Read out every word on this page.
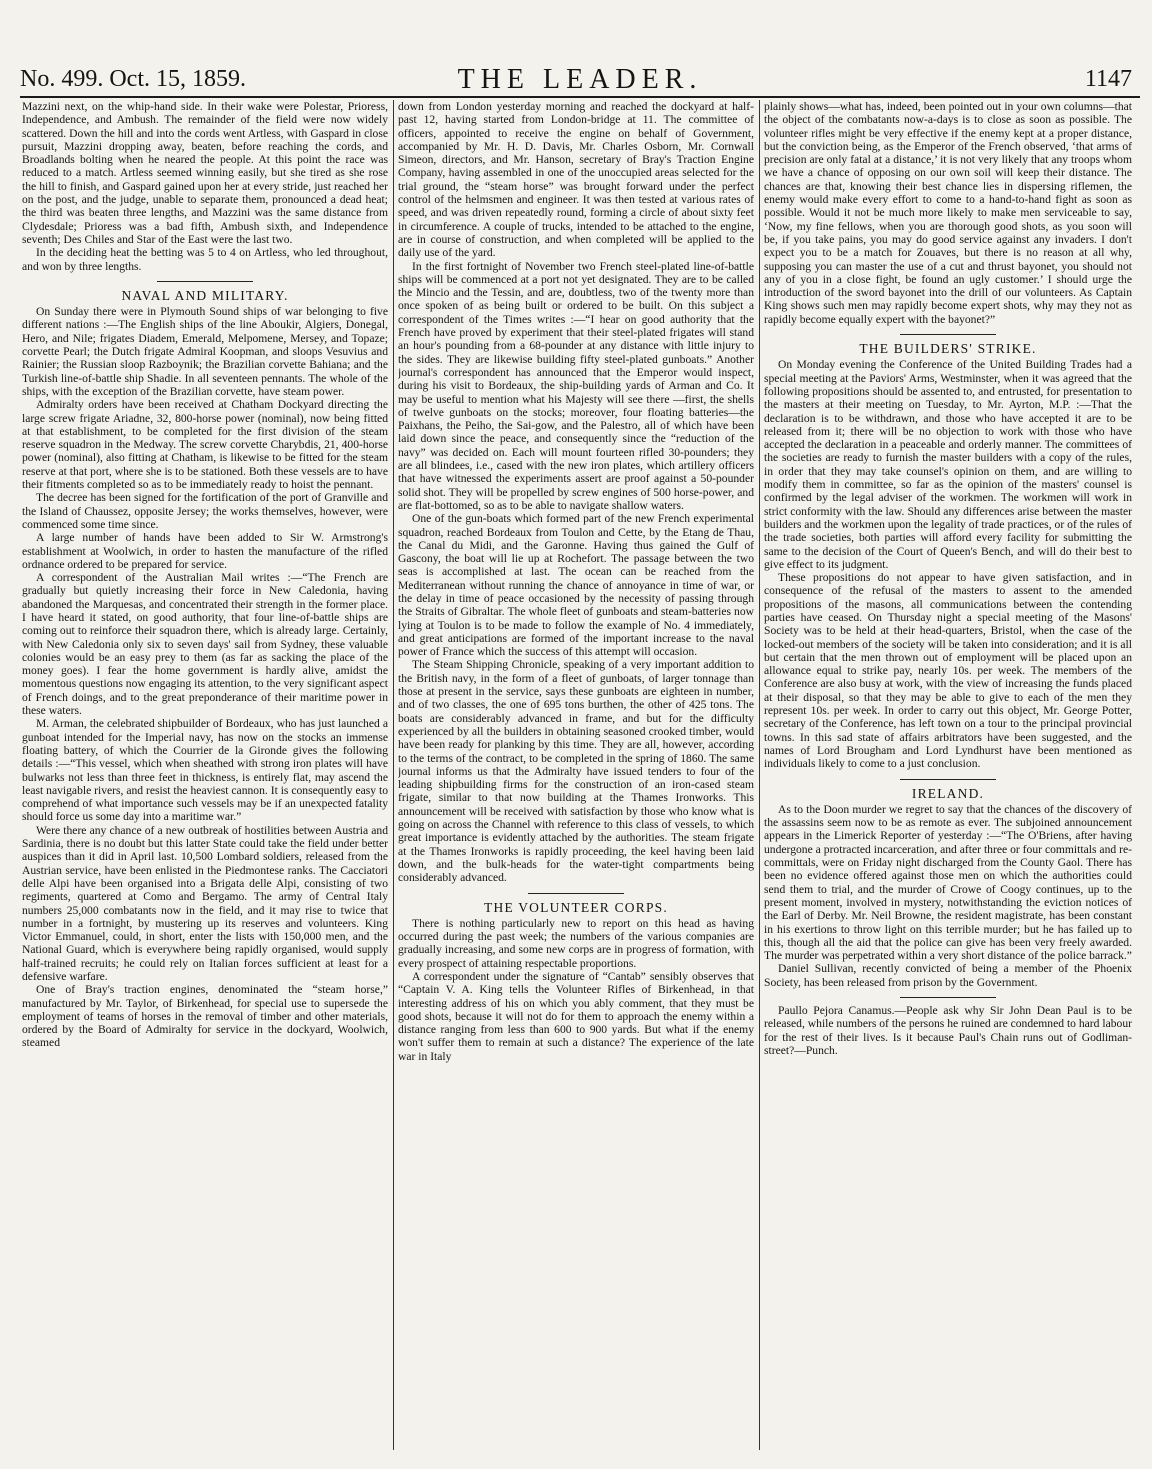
No. 499. Oct. 15, 1859.	THE LEADER.	1147

Mazzini next, on the whip-hand side. In their wake were Polestar, Prioress, Independence, and Ambush. The remainder of the field were now widely scattered. Down the hill and into the cords went Artless, with Gaspard in close pursuit, Mazzini dropping away, beaten, before reaching the cords, and Broadlands bolting when he neared the people. At this point the race was reduced to a match. Artless seemed winning easily, but she tired as she rose the hill to finish, and Gaspard gained upon her at every stride, just reached her on the post, and the judge, unable to separate them, pronounced a dead heat; the third was beaten three lengths, and Mazzini was the same distance from Clydesdale; Prioress was a bad fifth, Ambush sixth, and Independence seventh; Des Chiles and Star of the East were the last two.

In the deciding heat the betting was 5 to 4 on Artless, who led throughout, and won by three lengths.

NAVAL AND MILITARY.

On Sunday there were in Plymouth Sound ships of war belonging to five different nations :—The English ships of the line Aboukir, Algiers, Donegal, Hero, and Nile; frigates Diadem, Emerald, Melpomene, Mersey, and Topaze; corvette Pearl; the Dutch frigate Admiral Koopman, and sloops Vesuvius and Rainier; the Russian sloop Razboynik; the Brazilian corvette Bahiana; and the Turkish line-of-battle ship Shadie. In all seventeen pennants. The whole of the ships, with the exception of the Brazilian corvette, have steam power.

Admiralty orders have been received at Chatham Dockyard directing the large screw frigate Ariadne, 32, 800-horse power (nominal), now being fitted at that establishment, to be completed for the first division of the steam reserve squadron in the Medway. The screw corvette Charybdis, 21, 400-horse power (nominal), also fitting at Chatham, is likewise to be fitted for the steam reserve at that port, where she is to be stationed. Both these vessels are to have their fitments completed so as to be immediately ready to hoist the pennant.

The decree has been signed for the fortification of the port of Granville and the Island of Chaussez, opposite Jersey; the works themselves, however, were commenced some time since.

A large number of hands have been added to Sir W. Armstrong's establishment at Woolwich, in order to hasten the manufacture of the rifled ordnance ordered to be prepared for service.

A correspondent of the Australian Mail writes :—“The French are gradually but quietly increasing their force in New Caledonia, having abandoned the Marquesas, and concentrated their strength in the former place. I have heard it stated, on good authority, that four line-of-battle ships are coming out to reinforce their squadron there, which is already large. Certainly, with New Caledonia only six to seven days' sail from Sydney, these valuable colonies would be an easy prey to them (as far as sacking the place of the money goes). I fear the home government is hardly alive, amidst the momentous questions now engaging its attention, to the very significant aspect of French doings, and to the great preponderance of their maritime power in these waters.

M. Arman, the celebrated shipbuilder of Bordeaux, who has just launched a gunboat intended for the Imperial navy, has now on the stocks an immense floating battery, of which the Courrier de la Gironde gives the following details :—“This vessel, which when sheathed with strong iron plates will have bulwarks not less than three feet in thickness, is entirely flat, may ascend the least navigable rivers, and resist the heaviest cannon. It is consequently easy to comprehend of what importance such vessels may be if an unexpected fatality should force us some day into a maritime war.”

Were there any chance of a new outbreak of hostilities between Austria and Sardinia, there is no doubt but this latter State could take the field under better auspices than it did in April last. 10,500 Lombard soldiers, released from the Austrian service, have been enlisted in the Piedmontese ranks. The Cacciatori delle Alpi have been organised into a Brigata delle Alpi, consisting of two regiments, quartered at Como and Bergamo. The army of Central Italy numbers 25,000 combatants now in the field, and it may rise to twice that number in a fortnight, by mustering up its reserves and volunteers. King Victor Emmanuel, could, in short, enter the lists with 150,000 men, and the National Guard, which is everywhere being rapidly organised, would supply half-trained recruits; he could rely on Italian forces sufficient at least for a defensive warfare.

One of Bray's traction engines, denominated the “steam horse,” manufactured by Mr. Taylor, of Birkenhead, for special use to supersede the employment of teams of horses in the removal of timber and other materials, ordered by the Board of Admiralty for service in the dockyard, Woolwich, steamed

down from London yesterday morning and reached the dockyard at half-past 12, having started from London-bridge at 11. The committee of officers, appointed to receive the engine on behalf of Government, accompanied by Mr. H. D. Davis, Mr. Charles Osborn, Mr. Cornwall Simeon, directors, and Mr. Hanson, secretary of Bray's Traction Engine Company, having assembled in one of the unoccupied areas selected for the trial ground, the “steam horse” was brought forward under the perfect control of the helmsmen and engineer. It was then tested at various rates of speed, and was driven repeatedly round, forming a circle of about sixty feet in circumference. A couple of trucks, intended to be attached to the engine, are in course of construction, and when completed will be applied to the daily use of the yard.

In the first fortnight of November two French steel-plated line-of-battle ships will be commenced at a port not yet designated. They are to be called the Mincio and the Tessin, and are, doubtless, two of the twenty more than once spoken of as being built or ordered to be built. On this subject a correspondent of the Times writes :—“I hear on good authority that the French have proved by experiment that their steel-plated frigates will stand an hour's pounding from a 68-pounder at any distance with little injury to the sides. They are likewise building fifty steel-plated gunboats.” Another journal's correspondent has announced that the Emperor would inspect, during his visit to Bordeaux, the ship-building yards of Arman and Co. It may be useful to mention what his Majesty will see there —first, the shells of twelve gunboats on the stocks; moreover, four floating batteries—the Paixhans, the Peiho, the Sai-gow, and the Palestro, all of which have been laid down since the peace, and consequently since the “reduction of the navy” was decided on. Each will mount fourteen rifled 30-pounders; they are all blindees, i.e., cased with the new iron plates, which artillery officers that have witnessed the experiments assert are proof against a 50-pounder solid shot. They will be propelled by screw engines of 500 horse-power, and are flat-bottomed, so as to be able to navigate shallow waters.

One of the gun-boats which formed part of the new French experimental squadron, reached Bordeaux from Toulon and Cette, by the Etang de Thau, the Canal du Midi, and the Garonne. Having thus gained the Gulf of Gascony, the boat will lie up at Rochefort. The passage between the two seas is accomplished at last. The ocean can be reached from the Mediterranean without running the chance of annoyance in time of war, or the delay in time of peace occasioned by the necessity of passing through the Straits of Gibraltar. The whole fleet of gunboats and steam-batteries now lying at Toulon is to be made to follow the example of No. 4 immediately, and great anticipations are formed of the important increase to the naval power of France which the success of this attempt will occasion.

The Steam Shipping Chronicle, speaking of a very important addition to the British navy, in the form of a fleet of gunboats, of larger tonnage than those at present in the service, says these gunboats are eighteen in number, and of two classes, the one of 695 tons burthen, the other of 425 tons. The boats are considerably advanced in frame, and but for the difficulty experienced by all the builders in obtaining seasoned crooked timber, would have been ready for planking by this time. They are all, however, according to the terms of the contract, to be completed in the spring of 1860. The same journal informs us that the Admiralty have issued tenders to four of the leading shipbuilding firms for the construction of an iron-cased steam frigate, similar to that now building at the Thames Ironworks. This announcement will be received with satisfaction by those who know what is going on across the Channel with reference to this class of vessels, to which great importance is evidently attached by the authorities. The steam frigate at the Thames Ironworks is rapidly proceeding, the keel having been laid down, and the bulk-heads for the water-tight compartments being considerably advanced.

THE VOLUNTEER CORPS.

There is nothing particularly new to report on this head as having occurred during the past week; the numbers of the various companies are gradually increasing, and some new corps are in progress of formation, with every prospect of attaining respectable proportions.

A correspondent under the signature of “Cantab” sensibly observes that “Captain V. A. King tells the Volunteer Rifles of Birkenhead, in that interesting address of his on which you ably comment, that they must be good shots, because it will not do for them to approach the enemy within a distance ranging from less than 600 to 900 yards. But what if the enemy won't suffer them to remain at such a distance? The experience of the late war in Italy

plainly shows—what has, indeed, been pointed out in your own columns—that the object of the combatants now-a-days is to close as soon as possible. The volunteer rifles might be very effective if the enemy kept at a proper distance, but the conviction being, as the Emperor of the French observed, ‘that arms of precision are only fatal at a distance,’ it is not very likely that any troops whom we have a chance of opposing on our own soil will keep their distance. The chances are that, knowing their best chance lies in dispersing riflemen, the enemy would make every effort to come to a hand-to-hand fight as soon as possible. Would it not be much more likely to make men serviceable to say, ‘Now, my fine fellows, when you are thorough good shots, as you soon will be, if you take pains, you may do good service against any invaders. I don't expect you to be a match for Zouaves, but there is no reason at all why, supposing you can master the use of a cut and thrust bayonet, you should not any of you in a close fight, be found an ugly customer.’ I should urge the introduction of the sword bayonet into the drill of our volunteers. As Captain King shows such men may rapidly become expert shots, why may they not as rapidly become equally expert with the bayonet?”

THE BUILDERS' STRIKE.

On Monday evening the Conference of the United Building Trades had a special meeting at the Paviors' Arms, Westminster, when it was agreed that the following propositions should be assented to, and entrusted, for presentation to the masters at their meeting on Tuesday, to Mr. Ayrton, M.P. :—That the declaration is to be withdrawn, and those who have accepted it are to be released from it; there will be no objection to work with those who have accepted the declaration in a peaceable and orderly manner. The committees of the societies are ready to furnish the master builders with a copy of the rules, in order that they may take counsel's opinion on them, and are willing to modify them in committee, so far as the opinion of the masters' counsel is confirmed by the legal adviser of the workmen. The workmen will work in strict conformity with the law. Should any differences arise between the master builders and the workmen upon the legality of trade practices, or of the rules of the trade societies, both parties will afford every facility for submitting the same to the decision of the Court of Queen's Bench, and will do their best to give effect to its judgment.

These propositions do not appear to have given satisfaction, and in consequence of the refusal of the masters to assent to the amended propositions of the masons, all communications between the contending parties have ceased. On Thursday night a special meeting of the Masons' Society was to be held at their head-quarters, Bristol, when the case of the locked-out members of the society will be taken into consideration; and it is all but certain that the men thrown out of employment will be placed upon an allowance equal to strike pay, nearly 10s. per week. The members of the Conference are also busy at work, with the view of increasing the funds placed at their disposal, so that they may be able to give to each of the men they represent 10s. per week. In order to carry out this object, Mr. George Potter, secretary of the Conference, has left town on a tour to the principal provincial towns. In this sad state of affairs arbitrators have been suggested, and the names of Lord Brougham and Lord Lyndhurst have been mentioned as individuals likely to come to a just conclusion.

IRELAND.

As to the Doon murder we regret to say that the chances of the discovery of the assassins seem now to be as remote as ever. The subjoined announcement appears in the Limerick Reporter of yesterday :—“The O'Briens, after having undergone a protracted incarceration, and after three or four committals and re-committals, were on Friday night discharged from the County Gaol. There has been no evidence offered against those men on which the authorities could send them to trial, and the murder of Crowe of Coogy continues, up to the present moment, involved in mystery, notwithstanding the eviction notices of the Earl of Derby. Mr. Neil Browne, the resident magistrate, has been constant in his exertions to throw light on this terrible murder; but he has failed up to this, though all the aid that the police can give has been very freely awarded. The murder was perpetrated within a very short distance of the police barrack.”

Daniel Sullivan, recently convicted of being a member of the Phoenix Society, has been released from prison by the Government.

Paullo Pejora Canamus.—People ask why Sir John Dean Paul is to be released, while numbers of the persons he ruined are condemned to hard labour for the rest of their lives. Is it because Paul's Chain runs out of Godliman-street?—Punch.
